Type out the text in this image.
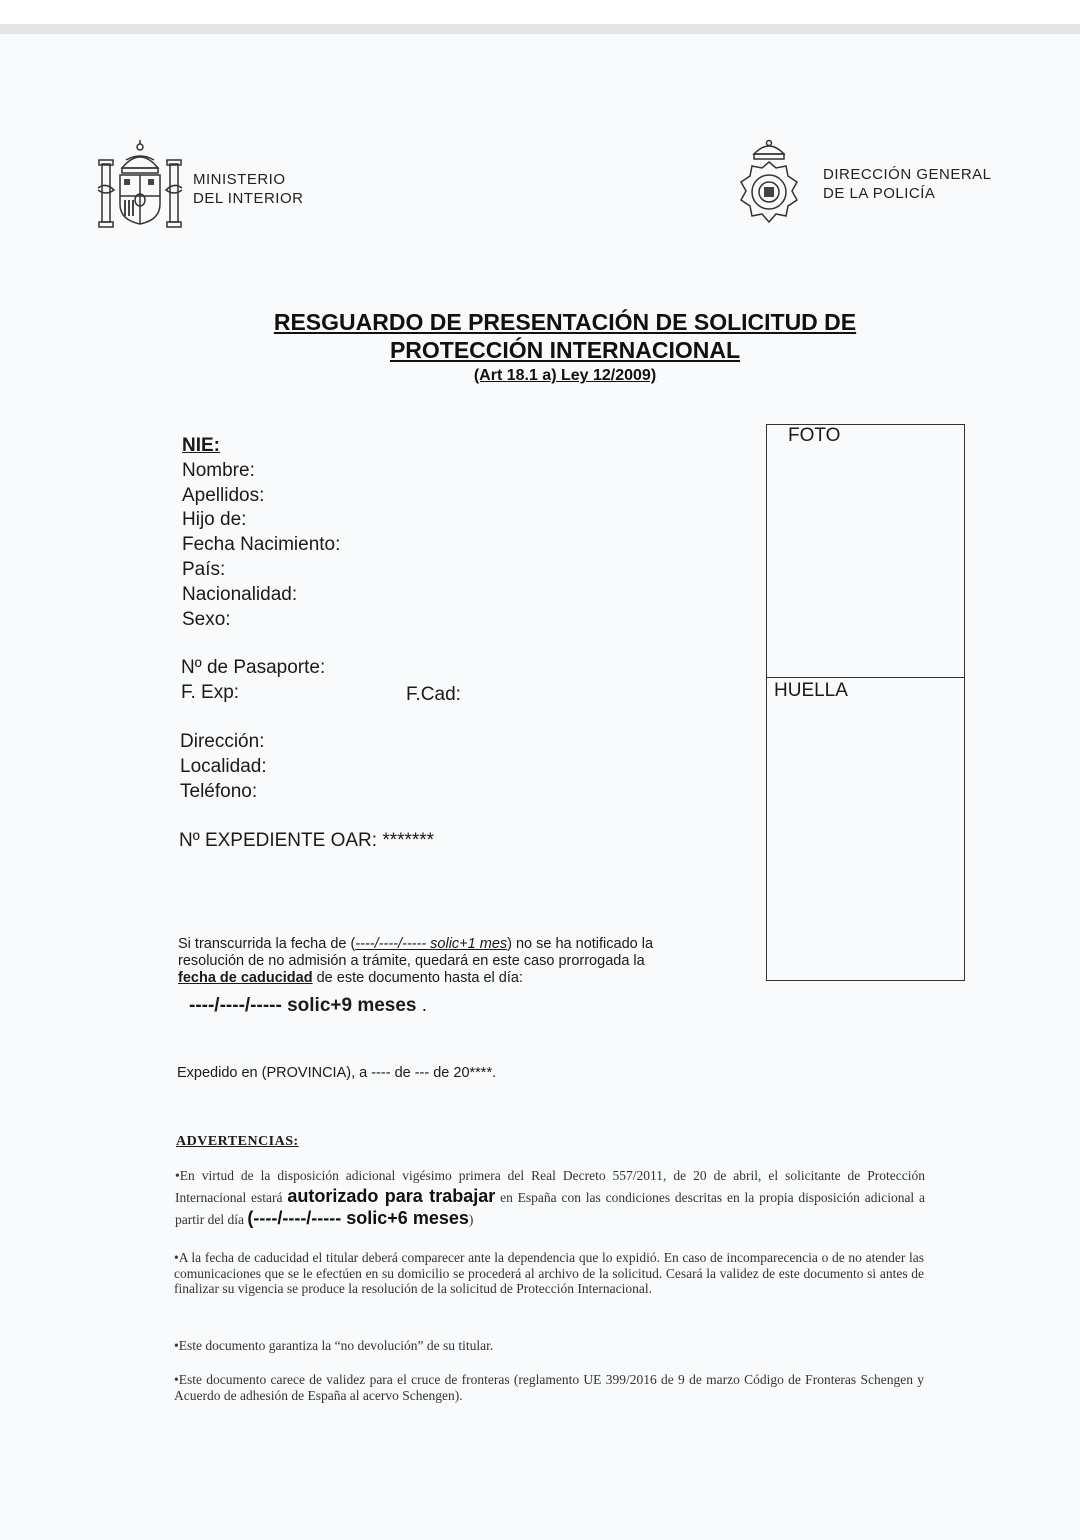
MINISTERIO
DEL INTERIOR
DIRECCIÓN GENERAL
DE LA POLICÍA
RESGUARDO DE PRESENTACIÓN DE SOLICITUD DE
PROTECCIÓN INTERNACIONAL
(Art 18.1 a) Ley 12/2009)
NIE:
Nombre:
Apellidos:
Hijo de:
Fecha Nacimiento:
País:
Nacionalidad:
Sexo:
Nº de Pasaporte:
F. Exp:	F.Cad:
Dirección:
Localidad:
Teléfono:
Nº EXPEDIENTE OAR: *******
FOTO
HUELLA
Si transcurrida la fecha de (----/----/----- solic+1 mes) no se ha notificado la
resolución de no admisión a trámite, quedará en este caso prorrogada la
fecha de caducidad de este documento hasta el día:
----/----/----- solic+9 meses .
Expedido en (PROVINCIA), a ---- de --- de 20****.
ADVERTENCIAS:
•En virtud de la disposición adicional vigésimo primera del Real Decreto 557/2011, de 20 de abril, el solicitante de Protección Internacional estará autorizado para trabajar en España con las condiciones descritas en la propia disposición adicional a partir del día (----/----/----- solic+6 meses)
•A la fecha de caducidad el titular deberá comparecer ante la dependencia que lo expidió. En caso de incomparecencia o de no atender las comunicaciones que se le efectúen en su domicilio se procederá al archivo de la solicitud. Cesará la validez de este documento si antes de finalizar su vigencia se produce la resolución de la solicitud de Protección Internacional.
•Este documento garantiza la “no devolución” de su titular.
•Este documento carece de validez para el cruce de fronteras (reglamento UE 399/2016 de 9 de marzo Código de Fronteras Schengen y Acuerdo de adhesión de España al acervo Schengen).
